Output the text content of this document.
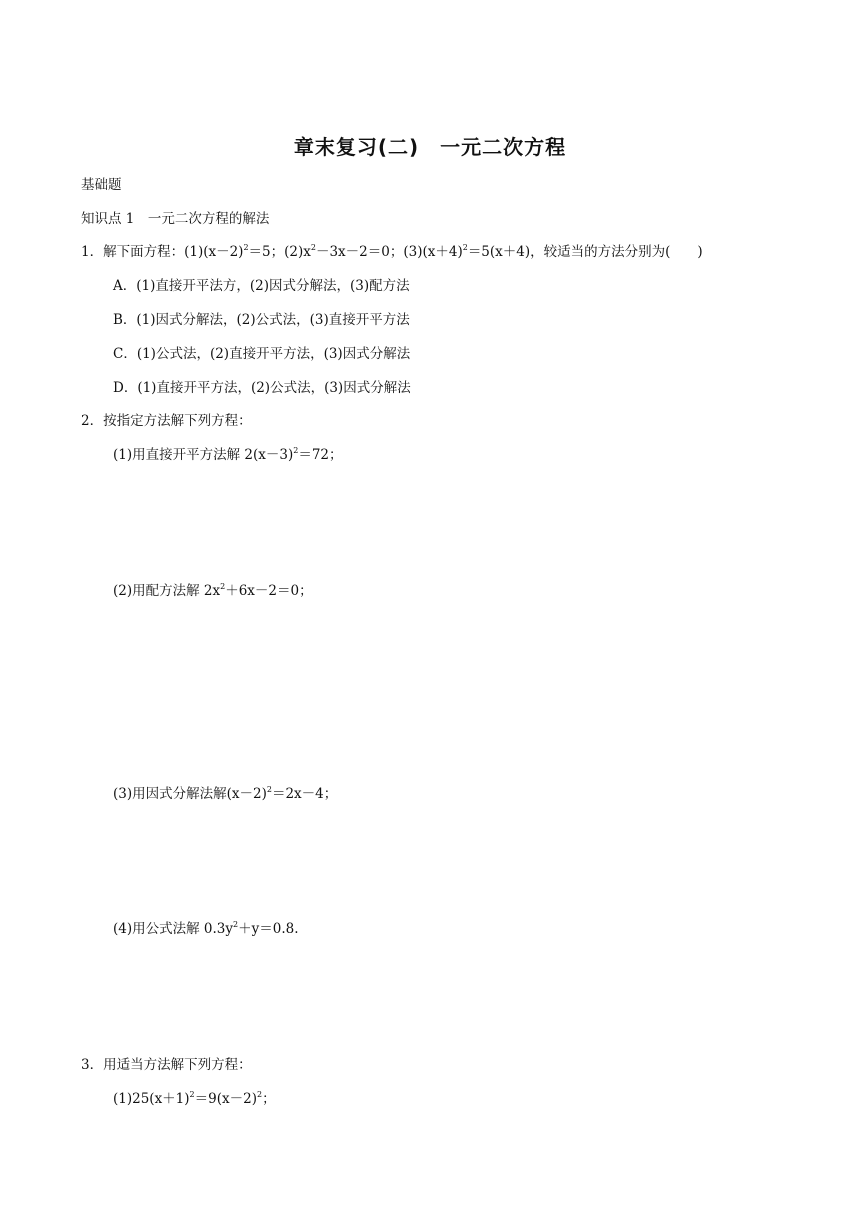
章末复习(二)　一元二次方程
基础题
知识点 1　一元二次方程的解法
1．解下面方程：$(1)(x-2)^2=5$；$(2)x^2-3x-2=0$；$(3)(x+4)^2=5(x+4)$，较适当的方法分别为(　　)
A．(1)直接开平法方，(2)因式分解法，(3)配方法
B．(1)因式分解法，(2)公式法，(3)直接开平方法
C．(1)公式法，(2)直接开平方法，(3)因式分解法
D．(1)直接开平方法，(2)公式法，(3)因式分解法
2．按指定方法解下列方程：
(1)用直接开平方法解 $2(x-3)^2=72$；
(2)用配方法解 $2x^2+6x-2=0$；
(3)用因式分解法解$(x-2)^2=2x-4$；
(4)用公式法解 $0.3y^2+y=0.8$.
3．用适当方法解下列方程：
$(1)25(x+1)^2=9(x-2)^2$；
